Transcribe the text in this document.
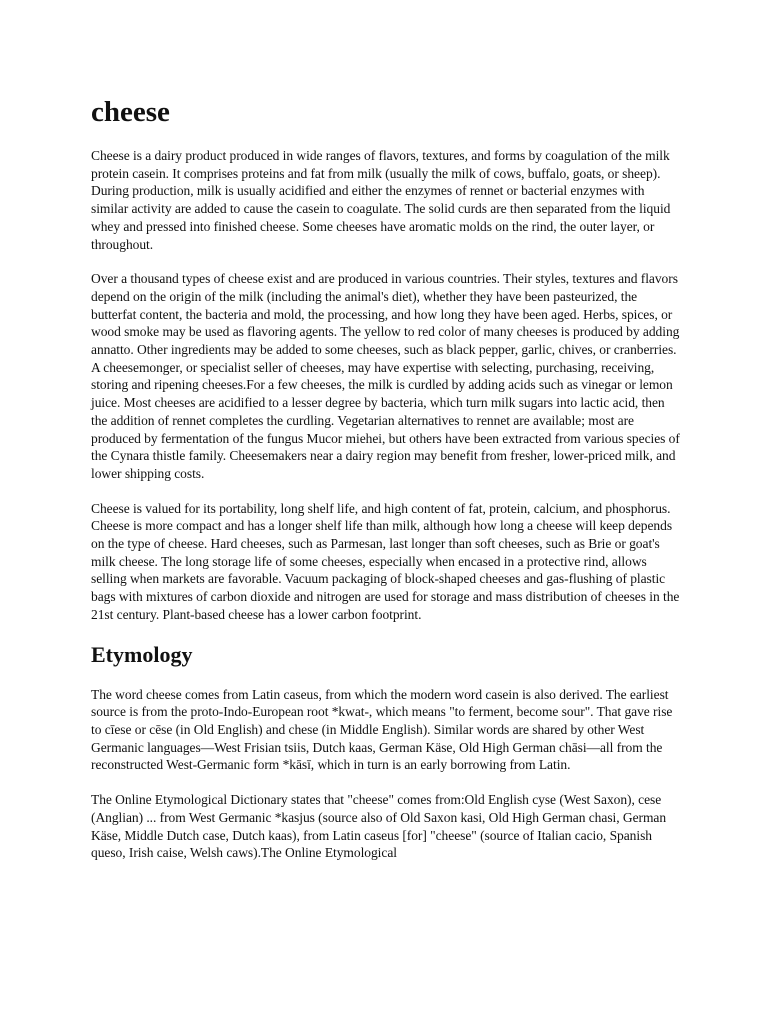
cheese

Cheese is a dairy product produced in wide ranges of flavors, textures, and forms by coagulation of the milk protein casein. It comprises proteins and fat from milk (usually the milk of cows, buffalo, goats, or sheep). During production, milk is usually acidified and either the enzymes of rennet or bacterial enzymes with similar activity are added to cause the casein to coagulate. The solid curds are then separated from the liquid whey and pressed into finished cheese. Some cheeses have aromatic molds on the rind, the outer layer, or throughout.

Over a thousand types of cheese exist and are produced in various countries. Their styles, textures and flavors depend on the origin of the milk (including the animal's diet), whether they have been pasteurized, the butterfat content, the bacteria and mold, the processing, and how long they have been aged. Herbs, spices, or wood smoke may be used as flavoring agents. The yellow to red color of many cheeses is produced by adding annatto. Other ingredients may be added to some cheeses, such as black pepper, garlic, chives, or cranberries. A cheesemonger, or specialist seller of cheeses, may have expertise with selecting, purchasing, receiving, storing and ripening cheeses.For a few cheeses, the milk is curdled by adding acids such as vinegar or lemon juice. Most cheeses are acidified to a lesser degree by bacteria, which turn milk sugars into lactic acid, then the addition of rennet completes the curdling. Vegetarian alternatives to rennet are available; most are produced by fermentation of the fungus Mucor miehei, but others have been extracted from various species of the Cynara thistle family. Cheesemakers near a dairy region may benefit from fresher, lower-priced milk, and lower shipping costs.

Cheese is valued for its portability, long shelf life, and high content of fat, protein, calcium, and phosphorus. Cheese is more compact and has a longer shelf life than milk, although how long a cheese will keep depends on the type of cheese. Hard cheeses, such as Parmesan, last longer than soft cheeses, such as Brie or goat's milk cheese. The long storage life of some cheeses, especially when encased in a protective rind, allows selling when markets are favorable. Vacuum packaging of block-shaped cheeses and gas-flushing of plastic bags with mixtures of carbon dioxide and nitrogen are used for storage and mass distribution of cheeses in the 21st century. Plant-based cheese has a lower carbon footprint.

Etymology

The word cheese comes from Latin caseus, from which the modern word casein is also derived. The earliest source is from the proto-Indo-European root *kwat-, which means "to ferment, become sour". That gave rise to cīese or cēse (in Old English) and chese (in Middle English). Similar words are shared by other West Germanic languages—West Frisian tsiis, Dutch kaas, German Käse, Old High German chāsi—all from the reconstructed West-Germanic form *kāsī, which in turn is an early borrowing from Latin.

The Online Etymological Dictionary states that "cheese" comes from:Old English cyse (West Saxon), cese (Anglian) ... from West Germanic *kasjus (source also of Old Saxon kasi, Old High German chasi, German Käse, Middle Dutch case, Dutch kaas), from Latin caseus [for] "cheese" (source of Italian cacio, Spanish queso, Irish caise, Welsh caws).The Online Etymological
